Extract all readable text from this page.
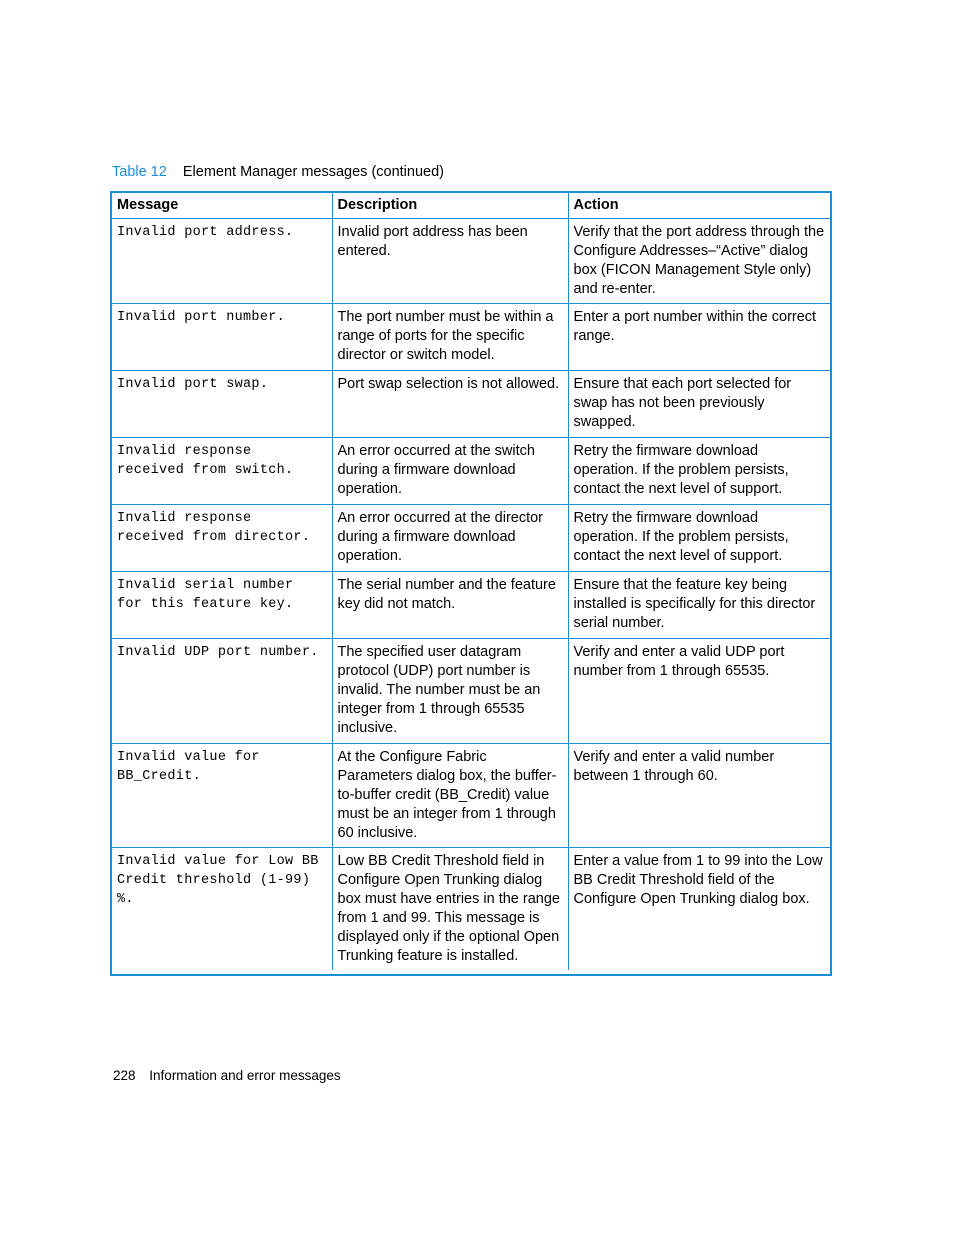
Table 12 Element Manager messages (continued)
Message	Description	Action
Invalid port address.	Invalid port address has been entered.	Verify that the port address through the Configure Addresses–“Active” dialog box (FICON Management Style only) and re-enter.
Invalid port number.	The port number must be within a range of ports for the specific director or switch model.	Enter a port number within the correct range.
Invalid port swap.	Port swap selection is not allowed.	Ensure that each port selected for swap has not been previously swapped.
Invalid response received from switch.	An error occurred at the switch during a firmware download operation.	Retry the firmware download operation. If the problem persists, contact the next level of support.
Invalid response received from director.	An error occurred at the director during a firmware download operation.	Retry the firmware download operation. If the problem persists, contact the next level of support.
Invalid serial number for this feature key.	The serial number and the feature key did not match.	Ensure that the feature key being installed is specifically for this director serial number.
Invalid UDP port number.	The specified user datagram protocol (UDP) port number is invalid. The number must be an integer from 1 through 65535 inclusive.	Verify and enter a valid UDP port number from 1 through 65535.
Invalid value for BB_Credit.	At the Configure Fabric Parameters dialog box, the buffer-to-buffer credit (BB_Credit) value must be an integer from 1 through 60 inclusive.	Verify and enter a valid number between 1 through 60.
Invalid value for Low BB Credit threshold (1-99) %.	Low BB Credit Threshold field in Configure Open Trunking dialog box must have entries in the range from 1 and 99. This message is displayed only if the optional Open Trunking feature is installed.	Enter a value from 1 to 99 into the Low BB Credit Threshold field of the Configure Open Trunking dialog box.
228 Information and error messages
